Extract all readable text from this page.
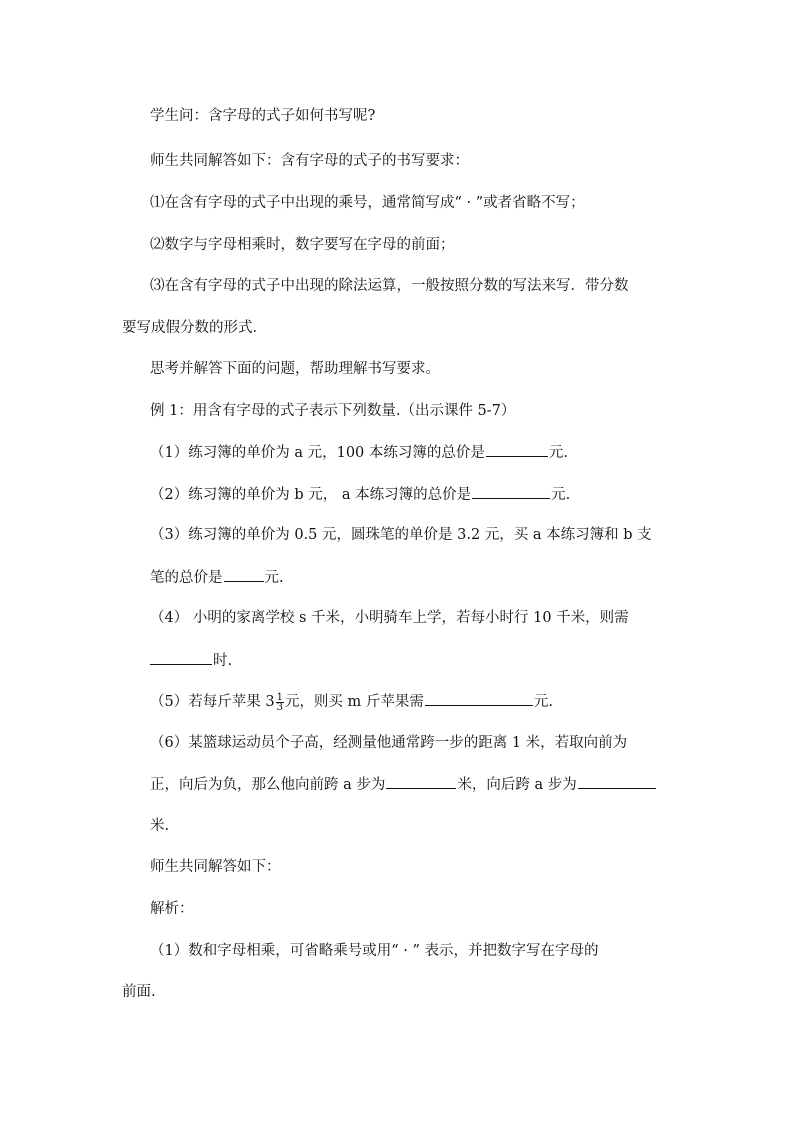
学生问：含字母的式子如何书写呢?
师生共同解答如下：含有字母的式子的书写要求：
⑴在含有字母的式子中出现的乘号，通常简写成“ · ”或者省略不写；
⑵数字与字母相乘时，数字要写在字母的前面；
⑶在含有字母的式子中出现的除法运算，一般按照分数的写法来写．带分数
要写成假分数的形式．
思考并解答下面的问题，帮助理解书写要求。
例 1：用含有字母的式子表示下列数量.（出示课件 5-7）
（1）练习簿的单价为 a 元，100 本练习簿的总价是	元.
（2）练习簿的单价为 b 元， a 本练习簿的总价是	元.
（3）练习簿的单价为 0.5 元，圆珠笔的单价是 3.2 元，买 a 本练习簿和 b 支
笔的总价是	元.
（4） 小明的家离学校 s 千米，小明骑车上学，若每小时行 10 千米，则需
时.
（5）若每斤苹果 $3 \frac{1}{3}$ 元，则买 m 斤苹果需	元.
（6）某篮球运动员个子高，经测量他通常跨一步的距离 1 米，若取向前为
正，向后为负，那么他向前跨 a 步为	米，向后跨 a 步为
米.
师生共同解答如下：
解析：
（1）数和字母相乘，可省略乘号或用“ · ” 表示，并把数字写在字母的
前面.
